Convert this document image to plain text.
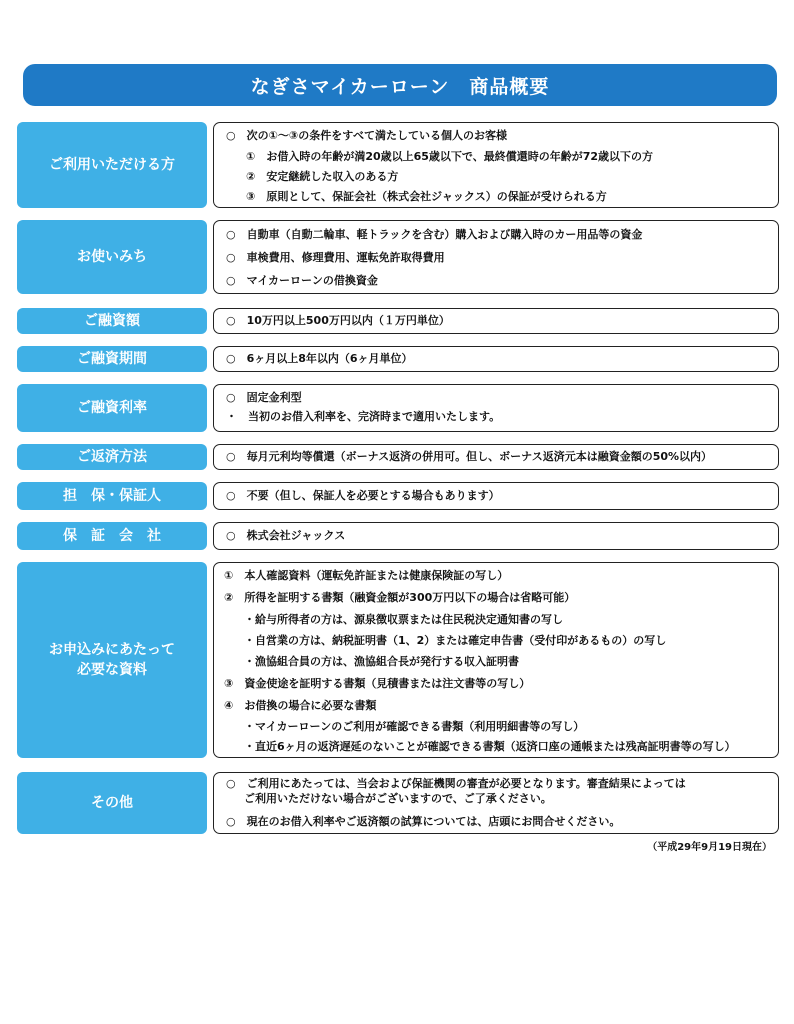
なぎさマイカーローン　商品概要
ご利用いただける方
○　次の①～③の条件をすべて満たしている個人のお客様
①　お借入時の年齢が満20歳以上65歳以下で、最終償還時の年齢が72歳以下の方
②　安定継続した収入のある方
③　原則として、保証会社（株式会社ジャックス）の保証が受けられる方
お使いみち
○　自動車（自動二輪車、軽トラックを含む）購入および購入時のカー用品等の資金
○　車検費用、修理費用、運転免許取得費用
○　マイカーローンの借換資金
ご融資額	○　10万円以上500万円以内（１万円単位）
ご融資期間	○　6ヶ月以上8年以内（6ヶ月単位）
ご融資利率
○　固定金利型
・　当初のお借入利率を、完済時まで適用いたします。
ご返済方法	○　毎月元利均等償還（ボーナス返済の併用可。但し、ボーナス返済元本は融資金額の50%以内）
担　保・保証人	○　不要（但し、保証人を必要とする場合もあります）
保　証　会　社	○　株式会社ジャックス
お申込みにあたって
必要な資料
①　本人確認資料（運転免許証または健康保険証の写し）
②　所得を証明する書類（融資金額が300万円以下の場合は省略可能）
・給与所得者の方は、源泉徴収票または住民税決定通知書の写し
・自営業の方は、納税証明書（1、2）または確定申告書（受付印があるもの）の写し
・漁協組合員の方は、漁協組合長が発行する収入証明書
③　資金使途を証明する書類（見積書または注文書等の写し）
④　お借換の場合に必要な書類
・マイカーローンのご利用が確認できる書類（利用明細書等の写し）
・直近6ヶ月の返済遅延のないことが確認できる書類（返済口座の通帳または残高証明書等の写し）
その他
○　ご利用にあたっては、当会および保証機関の審査が必要となります。審査結果によっては
ご利用いただけない場合がございますので、ご了承ください。
○　現在のお借入利率やご返済額の試算については、店頭にお問合せください。
（平成29年9月19日現在）
